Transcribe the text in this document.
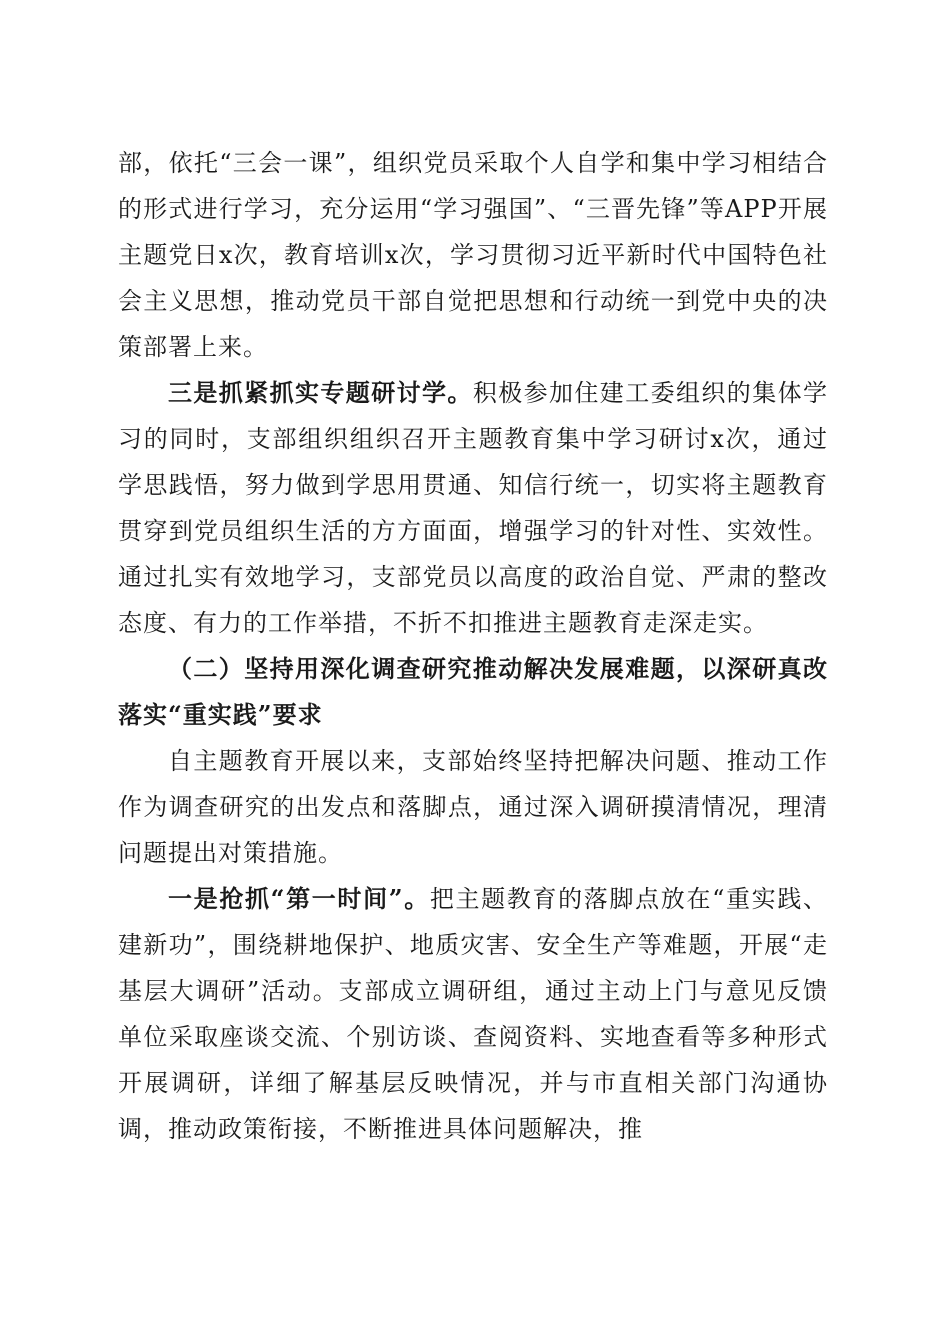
部，依托“三会一课”，组织党员采取个人自学和集中学习相结合的形式进行学习，充分运用“学习强国”、“三晋先锋”等APP开展主题党日x次，教育培训x次，学习贯彻习近平新时代中国特色社会主义思想，推动党员干部自觉把思想和行动统一到党中央的决策部署上来。

三是抓紧抓实专题研讨学。积极参加住建工委组织的集体学习的同时，支部组织组织召开主题教育集中学习研讨x次，通过学思践悟，努力做到学思用贯通、知信行统一，切实将主题教育贯穿到党员组织生活的方方面面，增强学习的针对性、实效性。通过扎实有效地学习，支部党员以高度的政治自觉、严肃的整改态度、有力的工作举措，不折不扣推进主题教育走深走实。

（二）坚持用深化调查研究推动解决发展难题，以深研真改落实“重实践”要求

自主题教育开展以来，支部始终坚持把解决问题、推动工作作为调查研究的出发点和落脚点，通过深入调研摸清情况，理清问题提出对策措施。

一是抢抓“第一时间”。把主题教育的落脚点放在“重实践、建新功”，围绕耕地保护、地质灾害、安全生产等难题，开展“走基层大调研”活动。支部成立调研组，通过主动上门与意见反馈单位采取座谈交流、个别访谈、查阅资料、实地查看等多种形式开展调研，详细了解基层反映情况，并与市直相关部门沟通协调，推动政策衔接，不断推进具体问题解决，推
